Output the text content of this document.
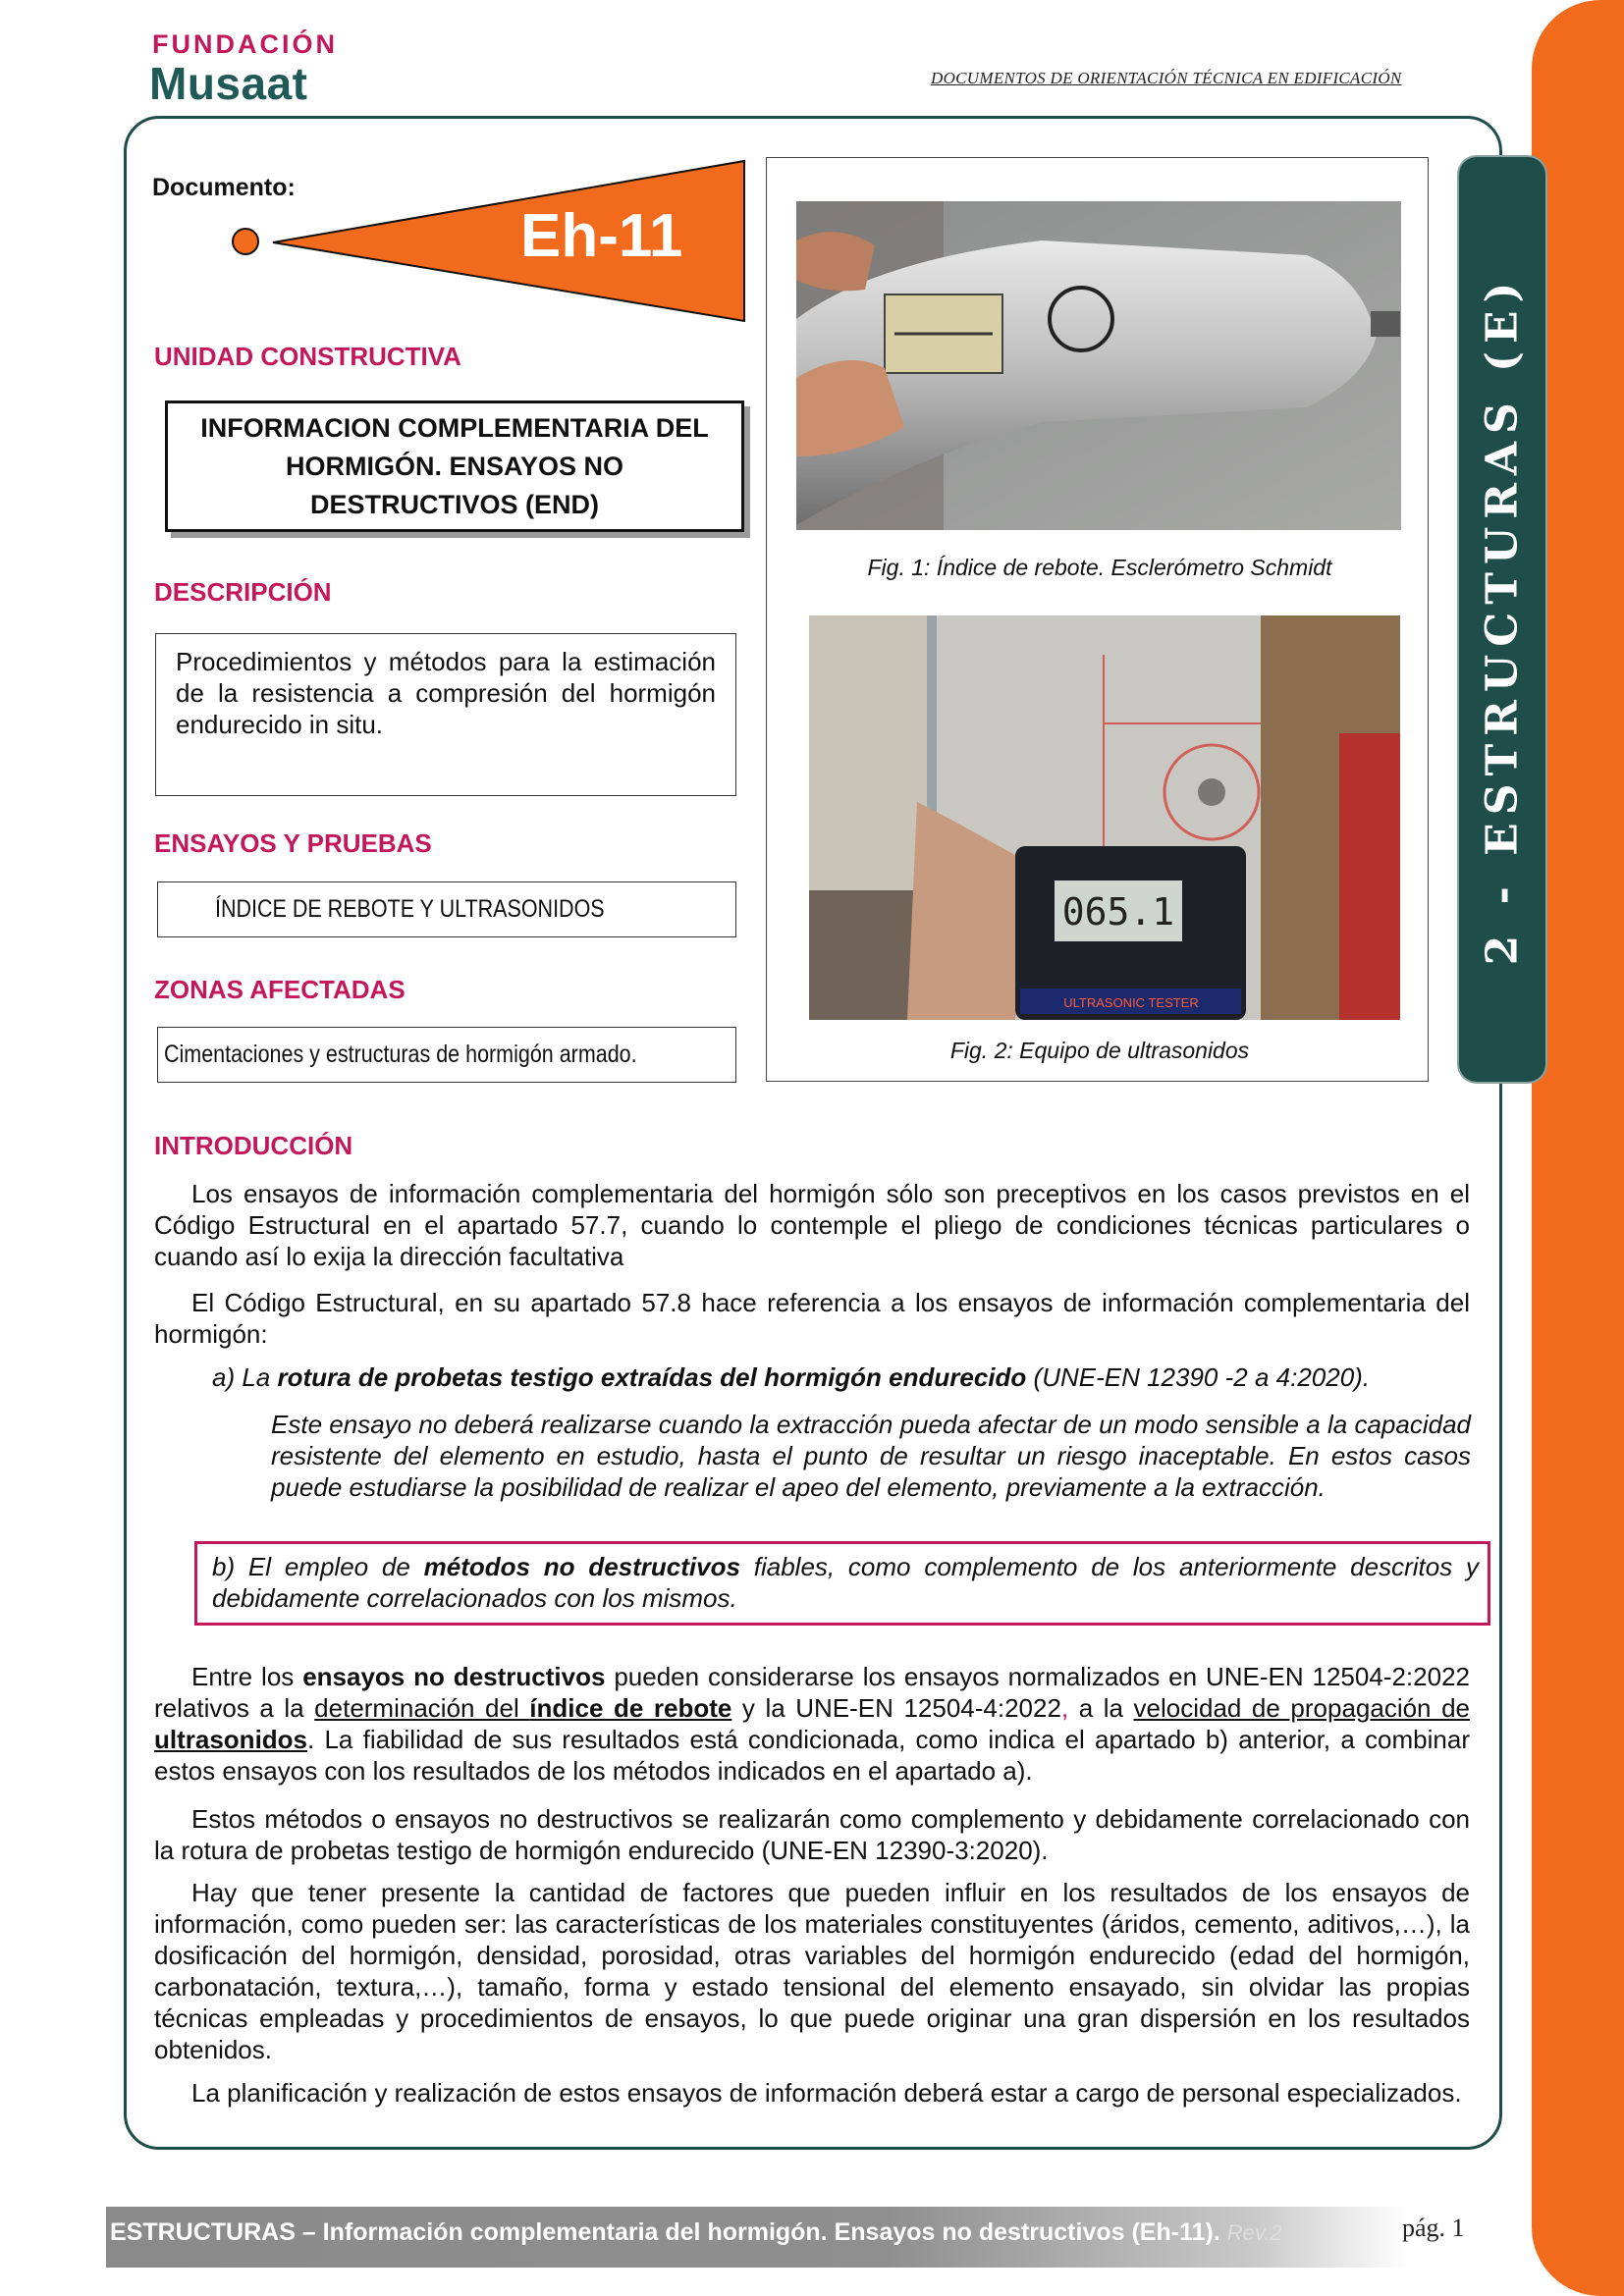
FUNDACIÓN
Musaat	DOCUMENTOS DE ORIENTACIÓN TÉCNICA EN EDIFICACIÓN
2 - ESTRUCTURAS (E)
Documento:
Eh-11
UNIDAD CONSTRUCTIVA
INFORMACION COMPLEMENTARIA DEL HORMIGÓN. ENSAYOS NO DESTRUCTIVOS (END)
DESCRIPCIÓN
Procedimientos y métodos para la estimación de la resistencia a compresión del hormigón endurecido in situ.
ENSAYOS Y PRUEBAS
ÍNDICE DE REBOTE Y ULTRASONIDOS
ZONAS AFECTADAS
Cimentaciones y estructuras de hormigón armado.
Fig. 1: Índice de rebote. Esclerómetro Schmidt
065.1
ULTRASONIC TESTER
Fig. 2: Equipo de ultrasonidos
INTRODUCCIÓN
Los ensayos de información complementaria del hormigón sólo son preceptivos en los casos previstos en el Código Estructural en el apartado 57.7, cuando lo contemple el pliego de condiciones técnicas particulares o cuando así lo exija la dirección facultativa
El Código Estructural, en su apartado 57.8 hace referencia a los ensayos de información complementaria del hormigón:
a) La rotura de probetas testigo extraídas del hormigón endurecido (UNE-EN 12390 -2 a 4:2020).
Este ensayo no deberá realizarse cuando la extracción pueda afectar de un modo sensible a la capacidad resistente del elemento en estudio, hasta el punto de resultar un riesgo inaceptable. En estos casos puede estudiarse la posibilidad de realizar el apeo del elemento, previamente a la extracción.
b) El empleo de métodos no destructivos fiables, como complemento de los anteriormente descritos y debidamente correlacionados con los mismos.
Entre los ensayos no destructivos pueden considerarse los ensayos normalizados en UNE-EN 12504-2:2022 relativos a la determinación del índice de rebote y la UNE-EN 12504-4:2022, a la velocidad de propagación de ultrasonidos. La fiabilidad de sus resultados está condicionada, como indica el apartado b) anterior, a combinar estos ensayos con los resultados de los métodos indicados en el apartado a).
Estos métodos o ensayos no destructivos se realizarán como complemento y debidamente correlacionado con la rotura de probetas testigo de hormigón endurecido (UNE-EN 12390-3:2020).
Hay que tener presente la cantidad de factores que pueden influir en los resultados de los ensayos de información, como pueden ser: las características de los materiales constituyentes (áridos, cemento, aditivos,…), la dosificación del hormigón, densidad, porosidad, otras variables del hormigón endurecido (edad del hormigón, carbonatación, textura,…), tamaño, forma y estado tensional del elemento ensayado, sin olvidar las propias técnicas empleadas y procedimientos de ensayos, lo que puede originar una gran dispersión en los resultados obtenidos.
La planificación y realización de estos ensayos de información deberá estar a cargo de personal especializados.
ESTRUCTURAS – Información complementaria del hormigón. Ensayos no destructivos (Eh-11). Rev.2	pág. 1
